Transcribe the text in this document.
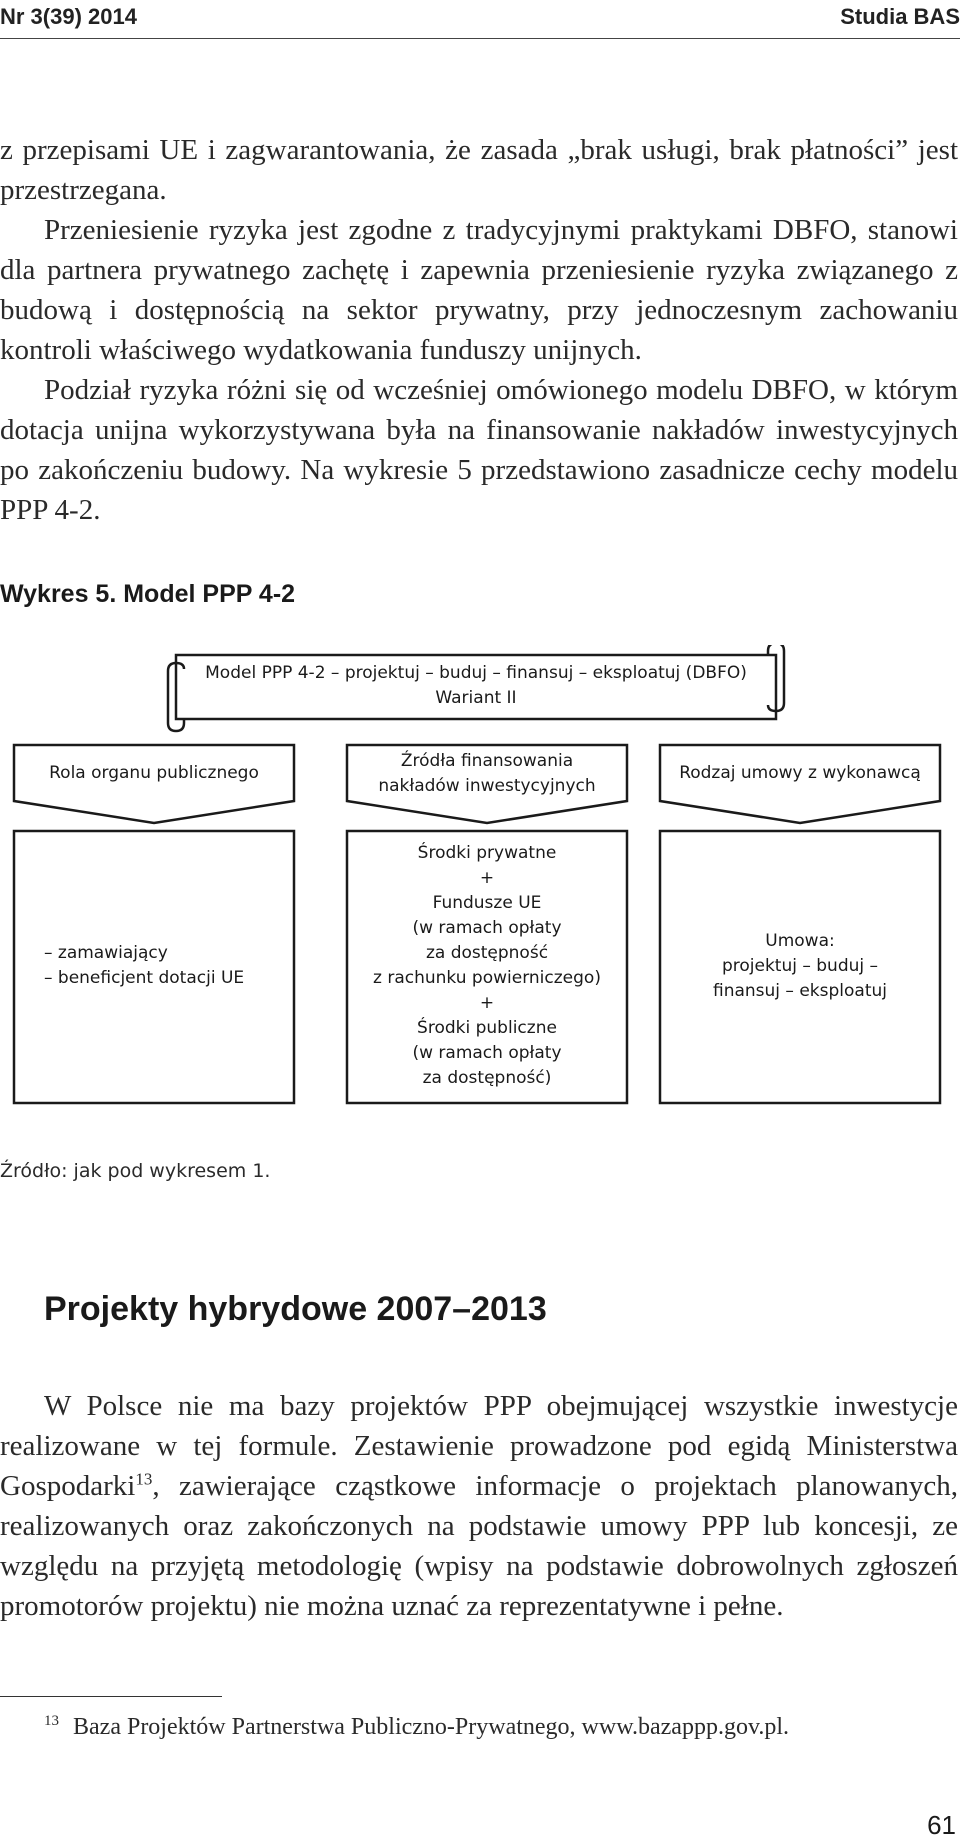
Nr 3(39) 2014	Studia BAS

z przepisami UE i zagwarantowania, że zasada „brak usługi, brak płatności” jest przestrzegana.

Przeniesienie ryzyka jest zgodne z tradycyjnymi praktykami DBFO, stanowi dla partnera prywatnego zachętę i zapewnia przeniesienie ryzyka związanego z budową i dostępnością na sektor prywatny, przy jednoczesnym zachowaniu kontroli właściwego wydatkowania funduszy unijnych.

Podział ryzyka różni się od wcześniej omówionego modelu DBFO, w którym dotacja unijna wykorzystywana była na finansowanie nakładów inwestycyjnych po zakończeniu budowy. Na wykresie 5 przedstawiono zasadnicze cechy modelu PPP 4-2.

Wykres 5. Model PPP 4-2
Model PPP 4-2 – projektuj – buduj – finansuj – eksploatuj (DBFO)
Wariant II
Rola organu publicznego
Źródła finansowania
nakładów inwestycyjnych
Rodzaj umowy z wykonawcą
– zamawiający
– beneficjent dotacji UE
Środki prywatne
+
Fundusze UE
(w ramach opłaty
za dostępność
z rachunku powierniczego)
+
Środki publiczne
(w ramach opłaty
za dostępność)
Umowa:
projektuj – buduj –
finansuj – eksploatuj
Źródło: jak pod wykresem 1.
Projekty hybrydowe 2007–2013

W Polsce nie ma bazy projektów PPP obejmującej wszystkie inwestycje realizowane w tej formule. Zestawienie prowadzone pod egidą Ministerstwa Gospodarki$^{13}$, zawierające cząstkowe informacje o projektach planowanych, realizowanych oraz zakończonych na podstawie umowy PPP lub koncesji, ze względu na przyjętą metodologię (wpisy na podstawie dobrowolnych zgłoszeń promotorów projektu) nie można uznać za reprezentatywne i pełne.

$^{13}$ Baza Projektów Partnerstwa Publiczno-Prywatnego, www.bazappp.gov.pl.
61
